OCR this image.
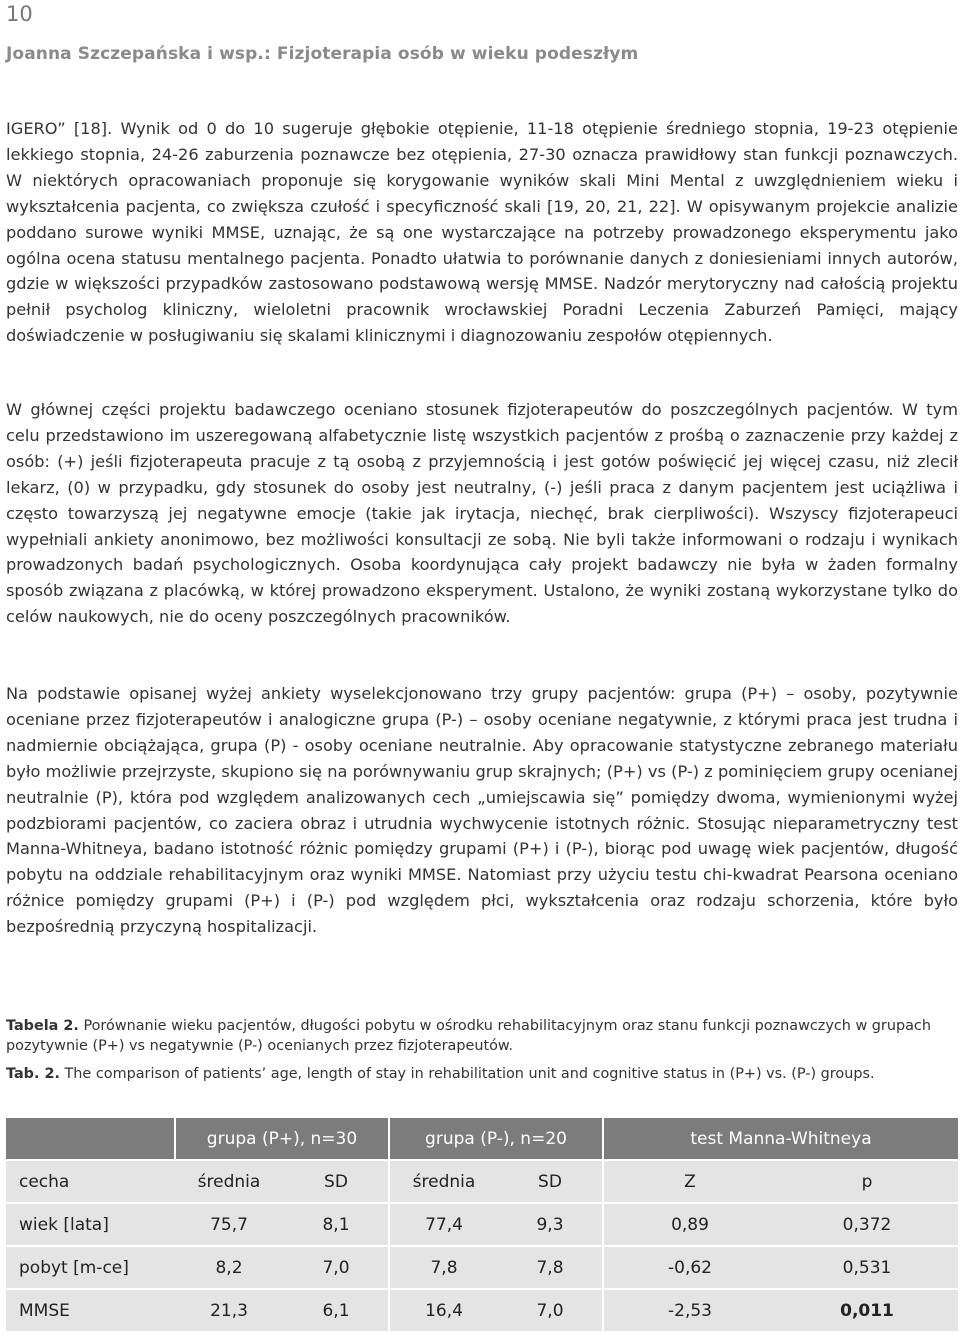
10
Joanna Szczepańska i wsp.: Fizjoterapia osób w wieku podeszłym

IGERO” [18]. Wynik od 0 do 10 sugeruje głębokie otępienie, 11-18 otępienie średniego stopnia, 19-23 otępienie lekkiego stopnia, 24-26 zaburzenia poznawcze bez otępienia, 27-30 oznacza prawidłowy stan funkcji poznawczych. W niektórych opracowaniach proponuje się korygowanie wyników skali Mini Mental z uwzględnieniem wieku i wykształcenia pacjenta, co zwiększa czułość i specyficzność skali [19, 20, 21, 22]. W opisywanym projekcie analizie poddano surowe wyniki MMSE, uznając, że są one wystarczające na potrzeby prowadzonego eksperymentu jako ogólna ocena statusu mentalnego pacjenta. Ponadto ułatwia to porównanie danych z doniesieniami innych autorów, gdzie w większości przypadków zastosowano podstawową wersję MMSE. Nadzór merytoryczny nad całością projektu pełnił psycholog kliniczny, wieloletni pracownik wrocławskiej Poradni Leczenia Zaburzeń Pamięci, mający doświadczenie w posługiwaniu się skalami klinicznymi i diagnozowaniu zespołów otępiennych.

W głównej części projektu badawczego oceniano stosunek fizjoterapeutów do poszczególnych pacjentów. W tym celu przedstawiono im uszeregowaną alfabetycznie listę wszystkich pacjentów z prośbą o zaznaczenie przy każdej z osób: (+) jeśli fizjoterapeuta pracuje z tą osobą z przyjemnością i jest gotów poświęcić jej więcej czasu, niż zlecił lekarz, (0) w przypadku, gdy stosunek do osoby jest neutralny, (-) jeśli praca z danym pacjentem jest uciążliwa i często towarzyszą jej negatywne emocje (takie jak irytacja, niechęć, brak cierpliwości). Wszyscy fizjoterapeuci wypełniali ankiety anonimowo, bez możliwości konsultacji ze sobą. Nie byli także informowani o rodzaju i wynikach prowadzonych badań psychologicznych. Osoba koordynująca cały projekt badawczy nie była w żaden formalny sposób związana z placówką, w której prowadzono eksperyment. Ustalono, że wyniki zostaną wykorzystane tylko do celów naukowych, nie do oceny poszczególnych pracowników.

Na podstawie opisanej wyżej ankiety wyselekcjonowano trzy grupy pacjentów: grupa (P+) – osoby, pozytywnie oceniane przez fizjoterapeutów i analogiczne grupa (P-) – osoby oceniane negatywnie, z którymi praca jest trudna i nadmiernie obciążająca, grupa (P) - osoby oceniane neutralnie. Aby opracowanie statystyczne zebranego materiału było możliwie przejrzyste, skupiono się na porównywaniu grup skrajnych; (P+) vs (P-) z pominięciem grupy ocenianej neutralnie (P), która pod względem analizowanych cech „umiejscawia się” pomiędzy dwoma, wymienionymi wyżej podzbiorami pacjentów, co zaciera obraz i utrudnia wychwycenie istotnych różnic. Stosując nieparametryczny test Manna-Whitneya, badano istotność różnic pomiędzy grupami (P+) i (P-), biorąc pod uwagę wiek pacjentów, długość pobytu na oddziale rehabilitacyjnym oraz wyniki MMSE. Natomiast przy użyciu testu chi-kwadrat Pearsona oceniano różnice pomiędzy grupami (P+) i (P-) pod względem płci, wykształcenia oraz rodzaju schorzenia, które było bezpośrednią przyczyną hospitalizacji.

Tabela 2. Porównanie wieku pacjentów, długości pobytu w ośrodku rehabilitacyjnym oraz stanu funkcji poznawczych w grupach pozytywnie (P+) vs negatywnie (P-) ocenianych przez fizjoterapeutów.

Tab. 2. The comparison of patients’ age, length of stay in rehabilitation unit and cognitive status in (P+) vs. (P-) groups.

	grupa (P+), n=30		grupa (P-), n=20		test Manna-Whitneya	
cecha	średnia	SD	średnia	SD	Z	p
wiek [lata]	75,7	8,1	77,4	9,3	0,89	0,372
pobyt [m-ce]	8,2	7,0	7,8	7,8	-0,62	0,531
MMSE	21,3	6,1	16,4	7,0	-2,53	0,011
